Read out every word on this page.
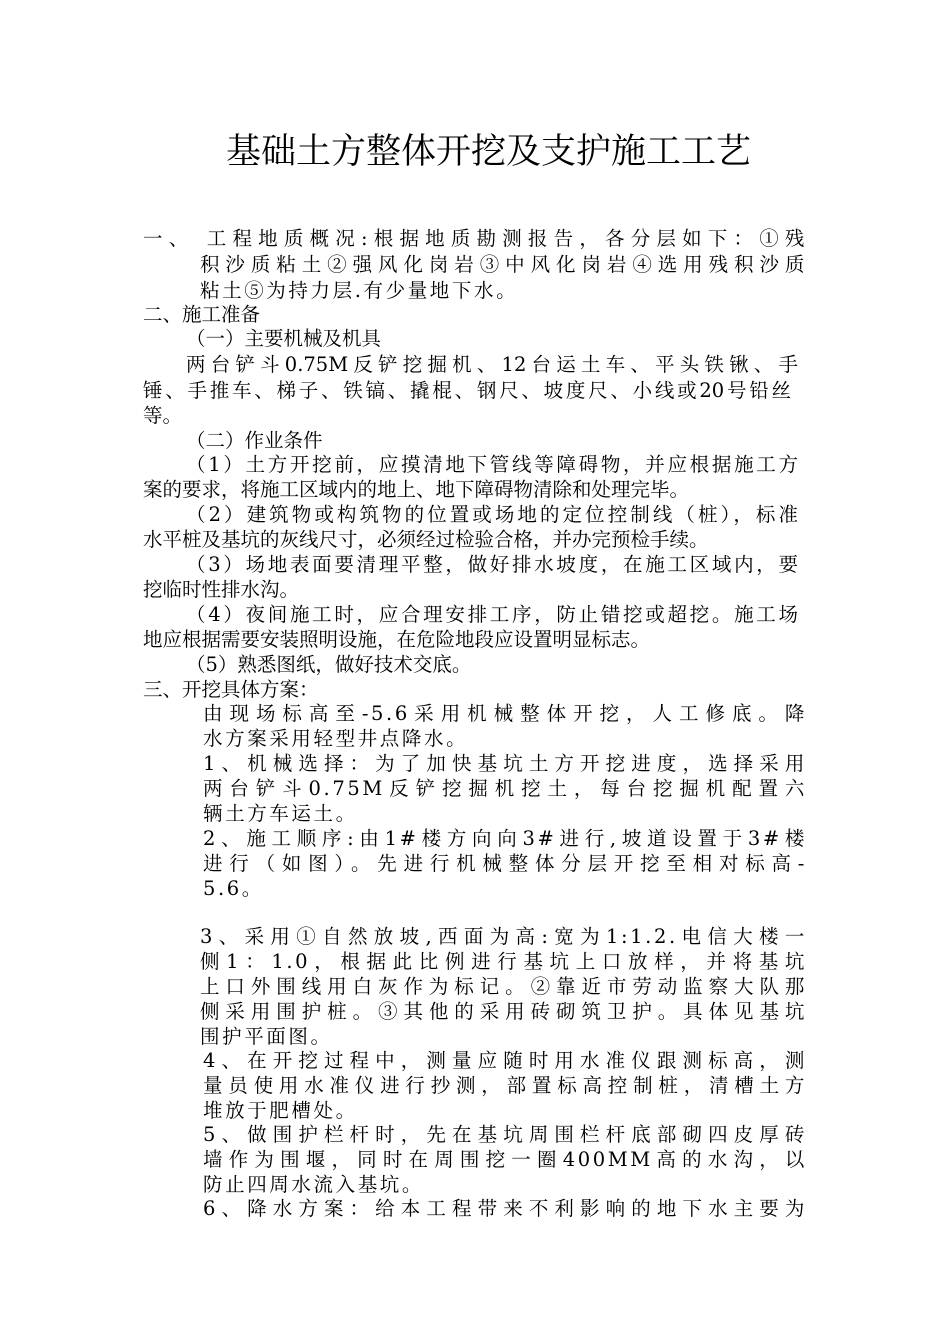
基础土方整体开挖及支护施工工艺
一、 工程地质概况:根据地质勘测报告，各分层如下：①残
积沙质粘土②强风化岗岩③中风化岗岩④选用残积沙质
粘土⑤为持力层.有少量地下水。
二、施工准备
（一）主要机械及机具
两台铲斗0.75M反铲挖掘机、12台运土车、平头铁锹、手
锤、手推车、梯子、铁镐、撬棍、钢尺、坡度尺、小线或20号铅丝
等。
（二）作业条件
（1）土方开挖前，应摸清地下管线等障碍物，并应根据施工方
案的要求，将施工区域内的地上、地下障碍物清除和处理完毕。
（2）建筑物或构筑物的位置或场地的定位控制线（桩），标准
水平桩及基坑的灰线尺寸，必须经过检验合格，并办完预检手续。
（3）场地表面要清理平整，做好排水坡度，在施工区域内，要
挖临时性排水沟。
（4）夜间施工时，应合理安排工序，防止错挖或超挖。施工场
地应根据需要安装照明设施，在危险地段应设置明显标志。
（5）熟悉图纸，做好技术交底。
三、开挖具体方案：
由现场标高至-5.6采用机械整体开挖，人工修底。降
水方案采用轻型井点降水。
1、机械选择：为了加快基坑土方开挖进度，选择采用
两台铲斗0.75M反铲挖掘机挖土，每台挖掘机配置六
辆土方车运土。
2、施工顺序:由1#楼方向向3#进行,坡道设置于3#楼
进行（如图）。先进行机械整体分层开挖至相对标高-
5.6。
3、采用①自然放坡,西面为高:宽为1:1.2.电信大楼一
侧1：1.0，根据此比例进行基坑上口放样，并将基坑
上口外围线用白灰作为标记。②靠近市劳动监察大队那
侧采用围护桩。③其他的采用砖砌筑卫护。具体见基坑
围护平面图。
4、在开挖过程中，测量应随时用水准仪跟测标高，测
量员使用水准仪进行抄测，部置标高控制桩，清槽土方
堆放于肥槽处。
5、做围护栏杆时，先在基坑周围栏杆底部砌四皮厚砖
墙作为围堰，同时在周围挖一圈400MM高的水沟，以
防止四周水流入基坑。
6、降水方案：给本工程带来不利影响的地下水主要为
